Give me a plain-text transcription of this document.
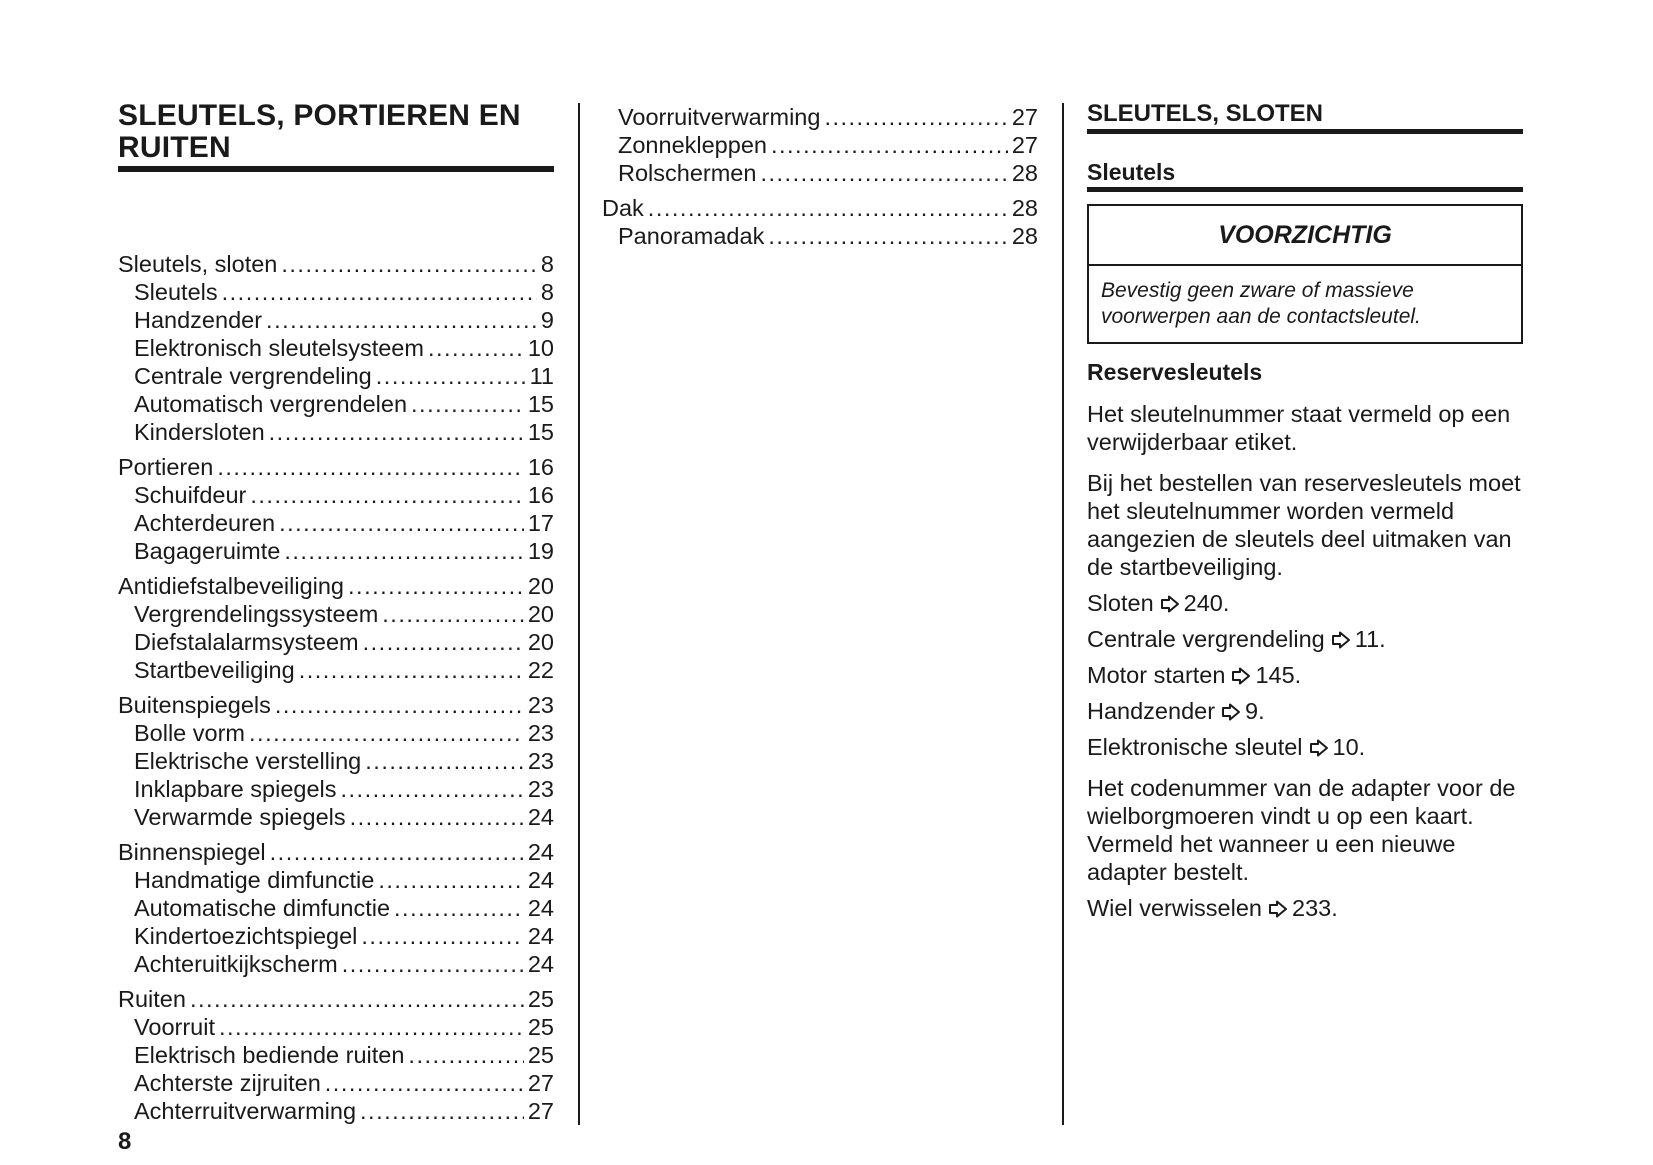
SLEUTELS, PORTIEREN EN RUITEN
Sleutels, sloten .....	8
Sleutels .....	8
Handzender .....	9
Elektronisch sleutelsysteem .....	10
Centrale vergrendeling .....	11
Automatisch vergrendelen .....	15
Kindersloten .....	15
Portieren .....	16
Schuifdeur .....	16
Achterdeuren .....	17
Bagageruimte .....	19
Antidiefstalbeveiliging .....	20
Vergrendelingssysteem .....	20
Diefstalalarmsysteem .....	20
Startbeveiliging .....	22
Buitenspiegels .....	23
Bolle vorm .....	23
Elektrische verstelling .....	23
Inklapbare spiegels .....	23
Verwarmde spiegels .....	24
Binnenspiegel .....	24
Handmatige dimfunctie .....	24
Automatische dimfunctie .....	24
Kindertoezichtspiegel .....	24
Achteruitkijkscherm .....	24
Ruiten .....	25
Voorruit .....	25
Elektrisch bediende ruiten .....	25
Achterste zijruiten .....	27
Achterruitverwarming .....	27
Voorruitverwarming .....	27
Zonnekleppen .....	27
Rolschermen .....	28
Dak .....	28
Panoramadak .....	28
SLEUTELS, SLOTEN
Sleutels
VOORZICHTIG
Bevestig geen zware of massieve voorwerpen aan de contactsleutel.
Reservesleutels

Het sleutelnummer staat vermeld op een verwijderbaar etiket.

Bij het bestellen van reservesleutels moet het sleutelnummer worden vermeld aangezien de sleutels deel uitmaken van de startbeveiliging.

Sloten 240.

Centrale vergrendeling 11.

Motor starten 145.

Handzender 9.

Elektronische sleutel 10.

Het codenummer van de adapter voor de wielborgmoeren vindt u op een kaart. Vermeld het wanneer u een nieuwe adapter bestelt.

Wiel verwisselen 233.

8
